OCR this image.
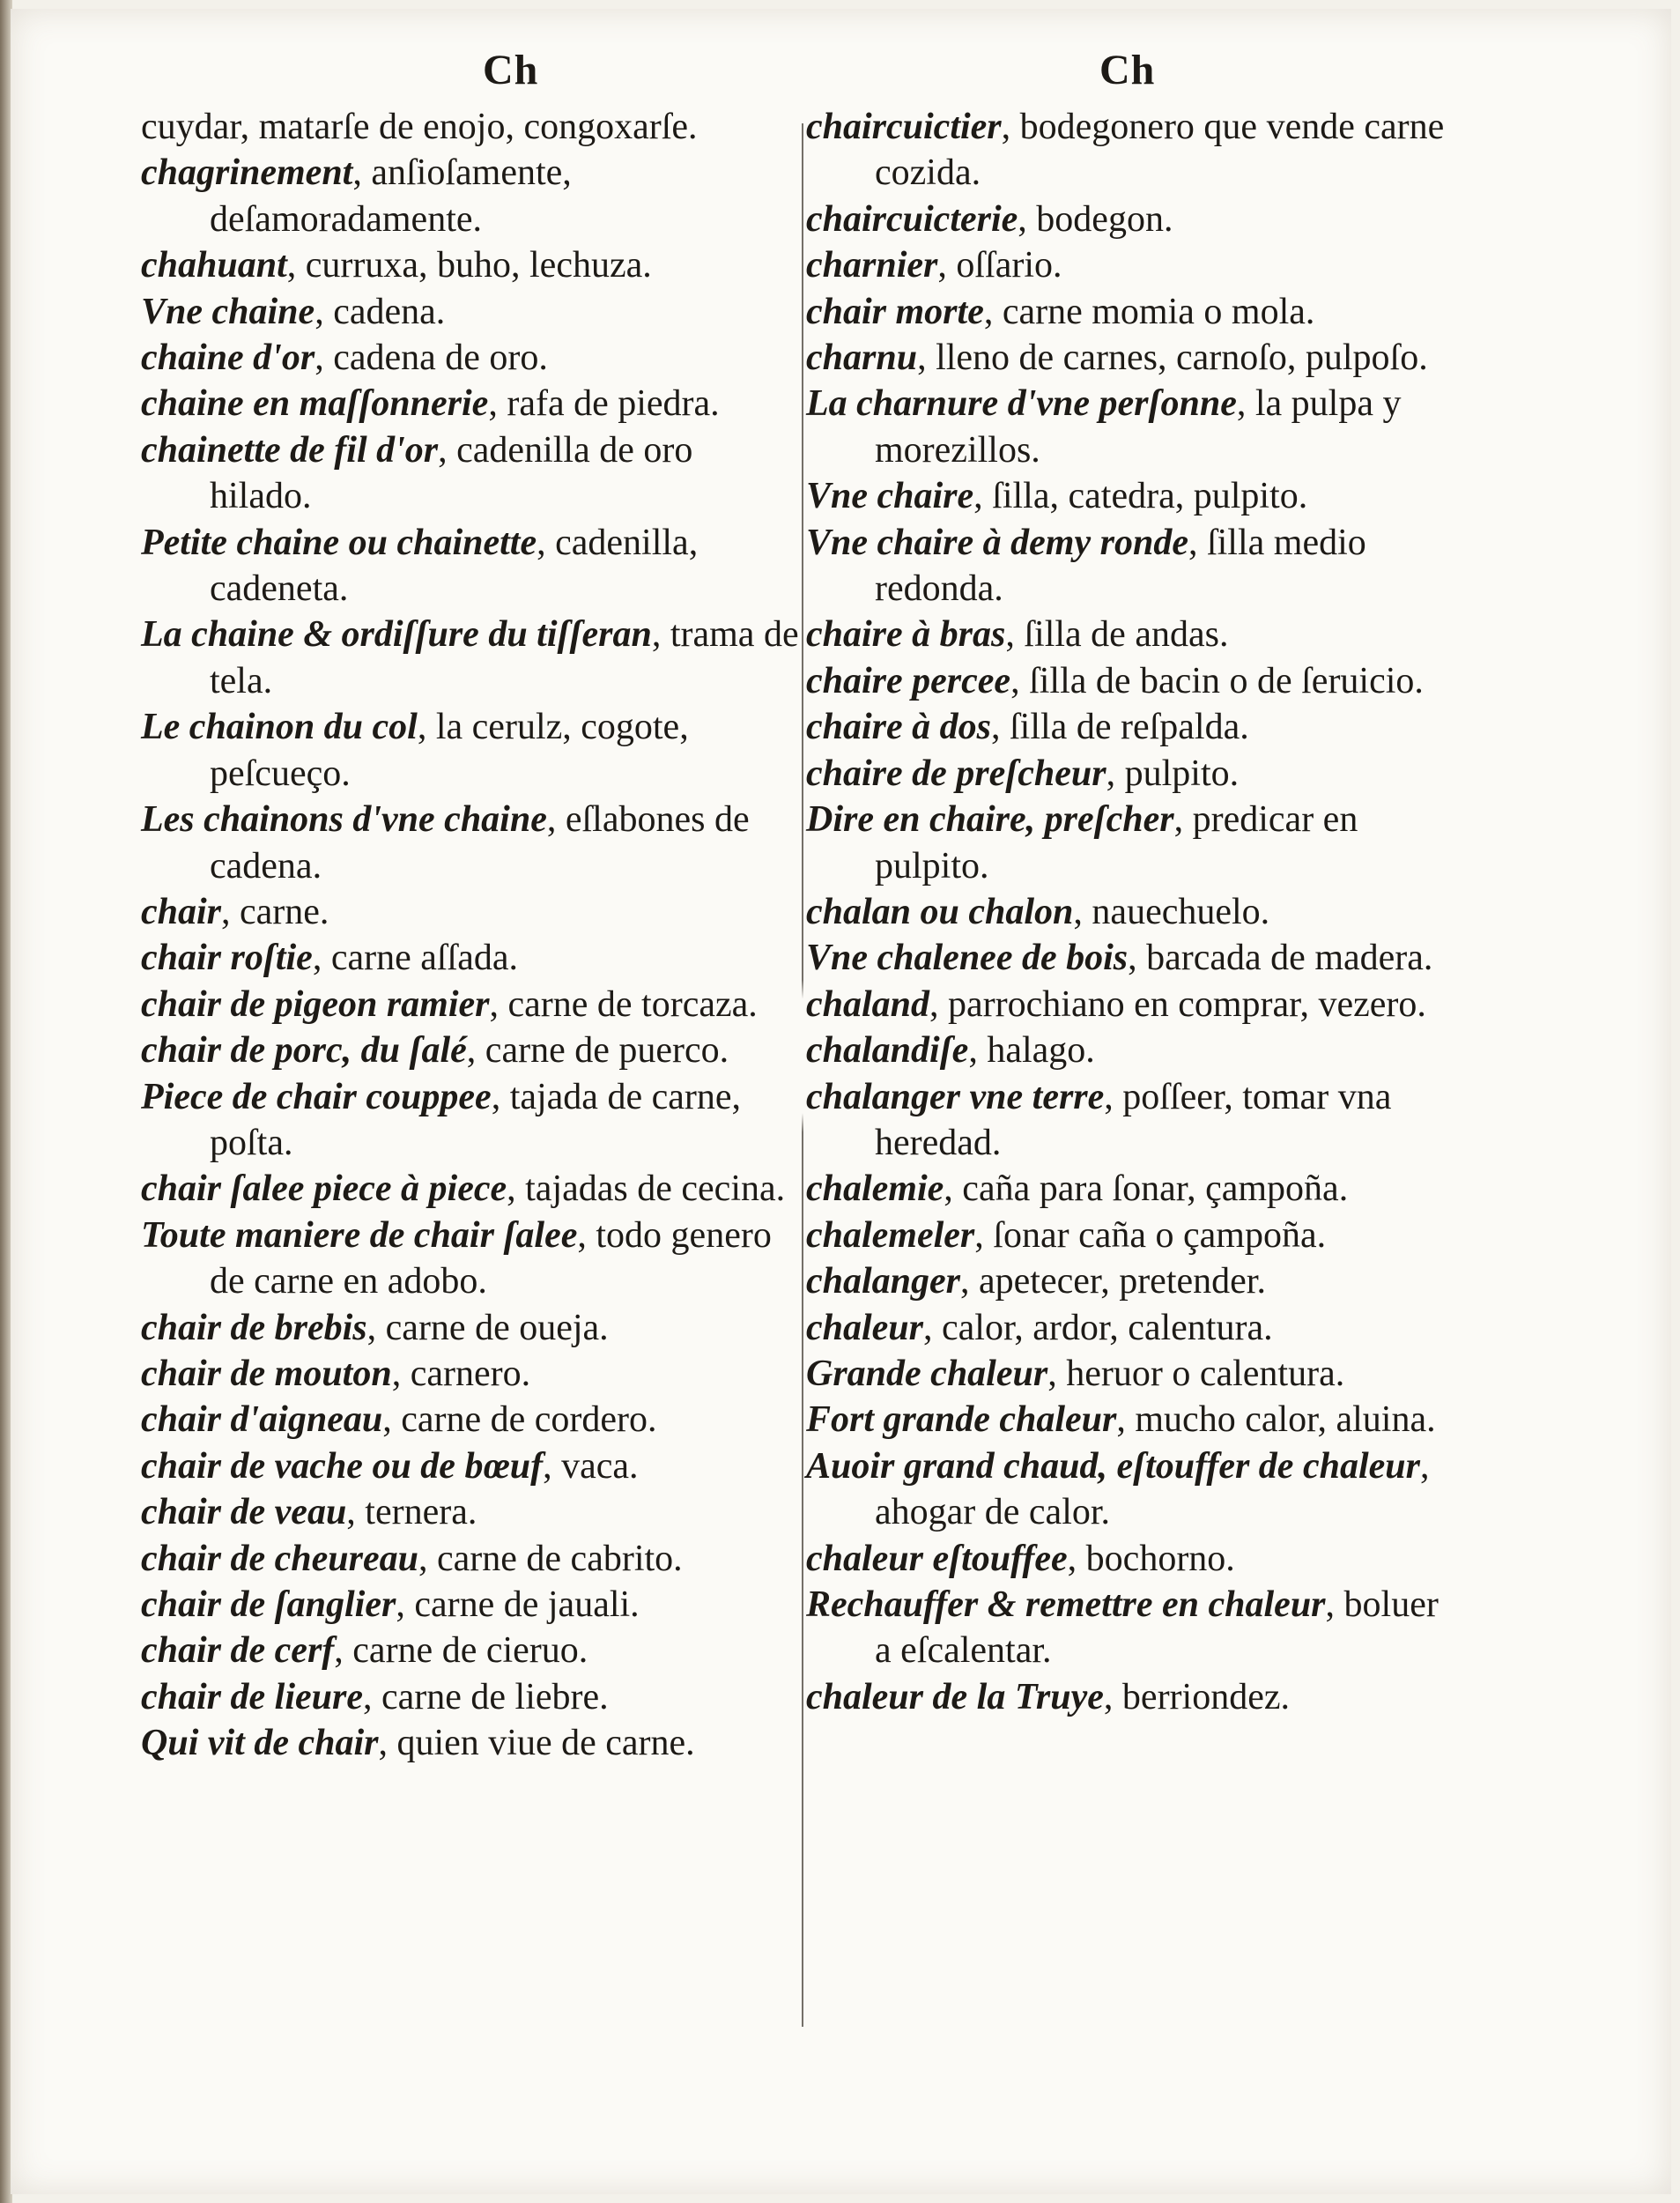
Ch	Ch

cuydar, matarſe de enojo, congoxarſe.

chagrinement, anſioſamente, deſamoradamente.

chahuant, curruxa, buho, lechuza.

Vne chaine, cadena.

chaine d'or, cadena de oro.

chaine en maſſonnerie, rafa de piedra.

chainette de fil d'or, cadenilla de oro hilado.

Petite chaine ou chainette, cadenilla, cadeneta.

La chaine & ordiſſure du tiſſeran, trama de tela.

Le chainon du col, la cerulz, cogote, peſcueço.

Les chainons d'vne chaine, eſlabones de cadena.

chair, carne.

chair roſtie, carne aſſada.

chair de pigeon ramier, carne de torcaza.

chair de porc, du ſalé, carne de puerco.

Piece de chair couppee, tajada de carne, poſta.

chair ſalee piece à piece, tajadas de cecina.

Toute maniere de chair ſalee, todo genero de carne en adobo.

chair de brebis, carne de oueja.

chair de mouton, carnero.

chair d'aigneau, carne de cordero.

chair de vache ou de bœuf, vaca.

chair de veau, ternera.

chair de cheureau, carne de cabrito.

chair de ſanglier, carne de jauali.

chair de cerf, carne de cieruo.

chair de lieure, carne de liebre.

Qui vit de chair, quien viue de carne.

chaircuictier, bodegonero que vende carne cozida.

chaircuicterie, bodegon.

charnier, oſſario.

chair morte, carne momia o mola.

charnu, lleno de carnes, carnoſo, pulpoſo.

La charnure d'vne perſonne, la pulpa y morezillos.

Vne chaire, ſilla, catedra, pulpito.

Vne chaire à demy ronde, ſilla medio redonda.

chaire à bras, ſilla de andas.

chaire percee, ſilla de bacin o de ſeruicio.

chaire à dos, ſilla de reſpalda.

chaire de preſcheur, pulpito.

Dire en chaire, preſcher, predicar en pulpito.

chalan ou chalon, nauechuelo.

Vne chalenee de bois, barcada de madera.

chaland, parrochiano en comprar, vezero.

chalandiſe, halago.

chalanger vne terre, poſſeer, tomar vna heredad.

chalemie, caña para ſonar, çampoña.

chalemeler, ſonar caña o çampoña.

chalanger, apetecer, pretender.

chaleur, calor, ardor, calentura.

Grande chaleur, heruor o calentura.

Fort grande chaleur, mucho calor, aluina.

Auoir grand chaud, eſtouffer de chaleur, ahogar de calor.

chaleur eſtouffee, bochorno.

Rechauffer & remettre en chaleur, boluer a eſcalentar.

chaleur de la Truye, berriondez.
